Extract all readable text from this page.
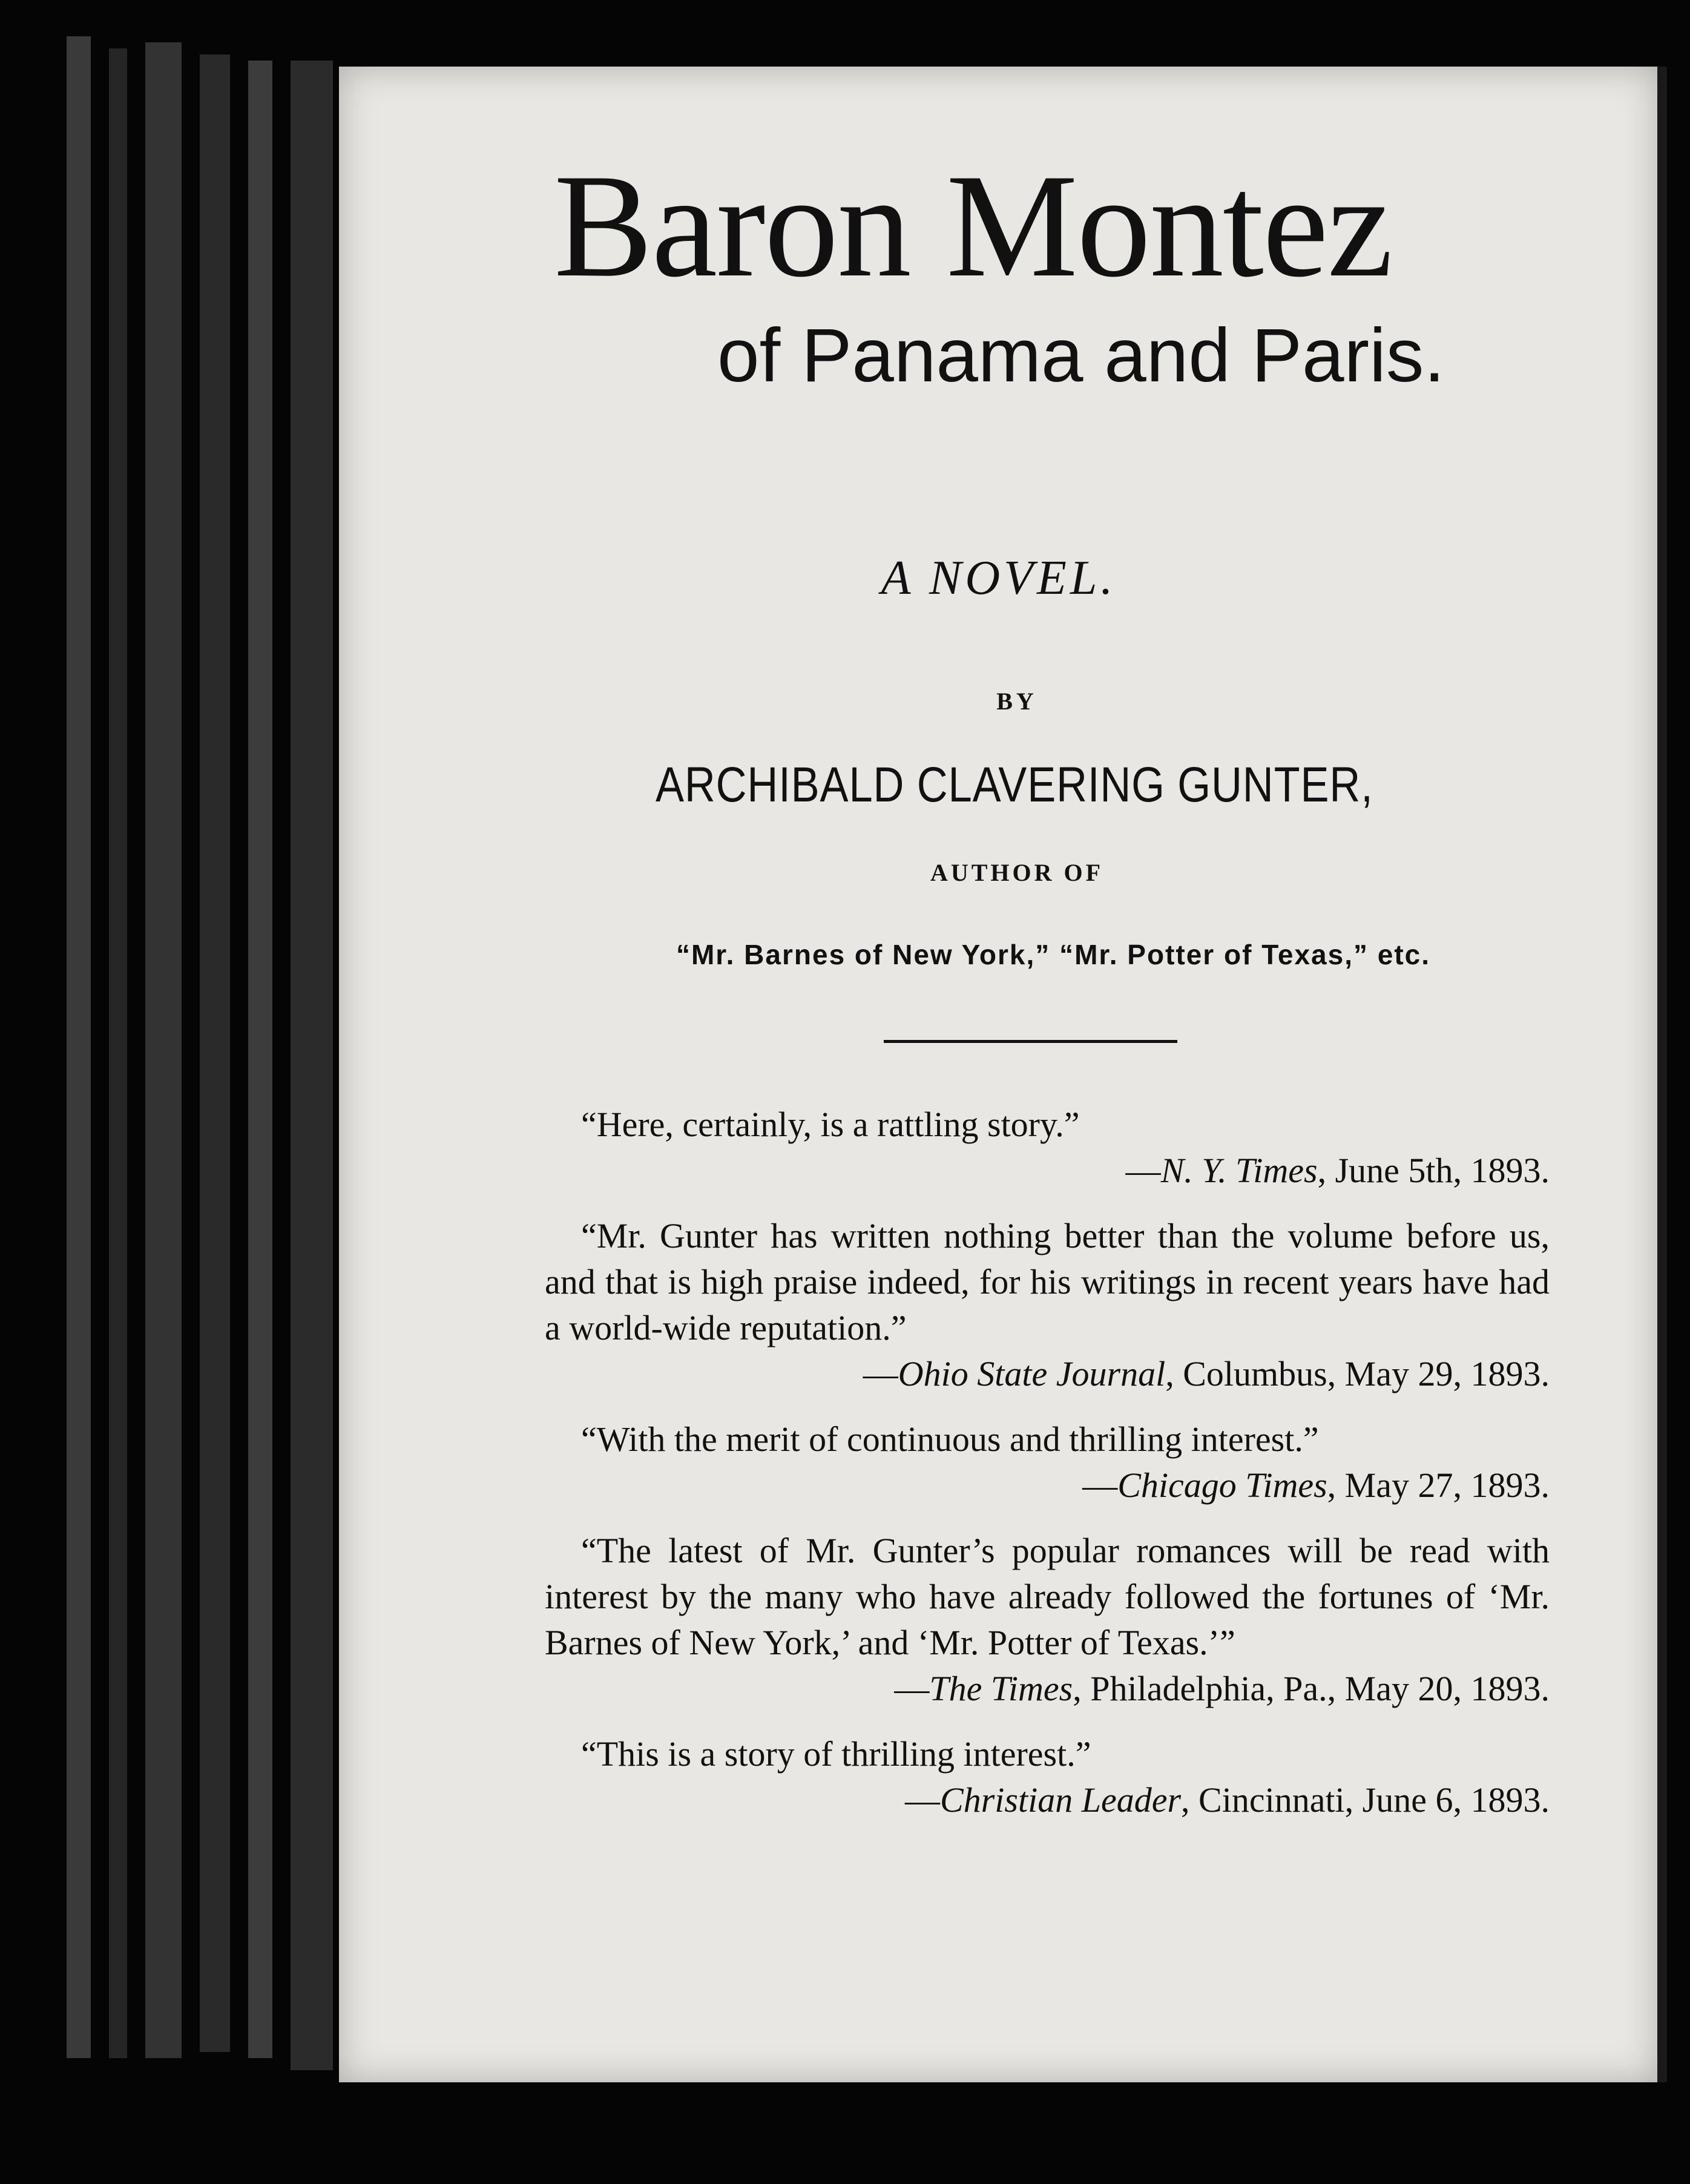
Baron Montez
of Panama and Paris.
A NOVEL.
BY
ARCHIBALD CLAVERING GUNTER,
AUTHOR OF
“Mr. Barnes of New York,” “Mr. Potter of Texas,” etc.
“Here, certainly, is a rattling story.”
—N. Y. Times, June 5th, 1893.
“Mr. Gunter has written nothing better than the volume before us, and that is high praise indeed, for his writings in recent years have had a world-wide reputation.”
—Ohio State Journal, Columbus, May 29, 1893.
“With the merit of continuous and thrilling interest.”
—Chicago Times, May 27, 1893.
“The latest of Mr. Gunter’s popular romances will be read with interest by the many who have already followed the fortunes of ‘Mr. Barnes of New York,’ and ‘Mr. Potter of Texas.’”
—The Times, Philadelphia, Pa., May 20, 1893.
“This is a story of thrilling interest.”
—Christian Leader, Cincinnati, June 6, 1893.
